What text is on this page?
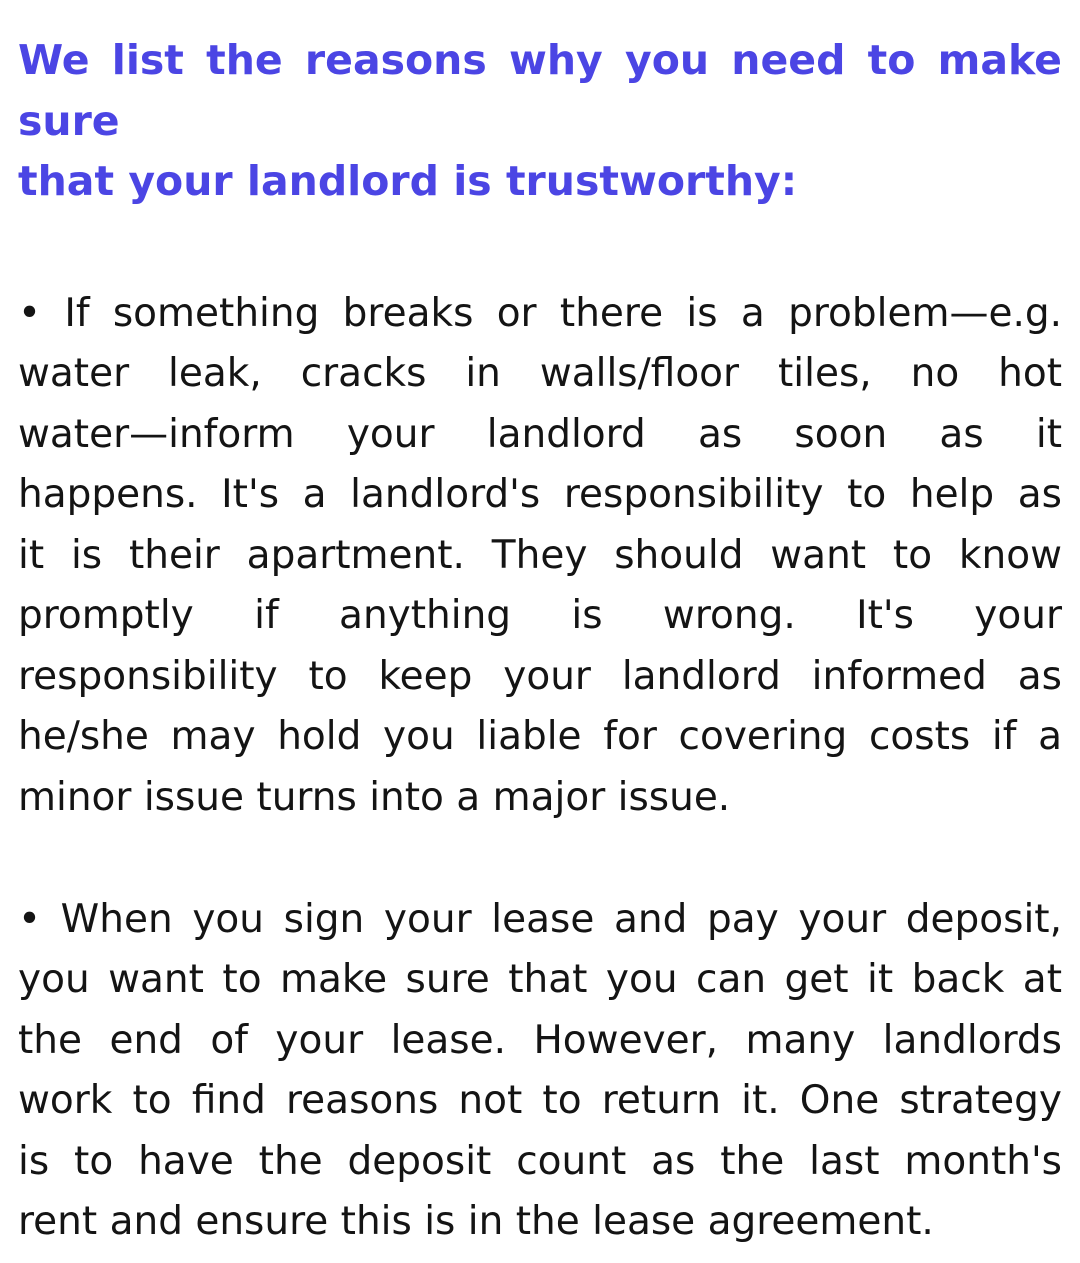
We list the reasons why you need to make sure
that your landlord is trustworthy:

• If something breaks or there is a problem—e.g.
water leak, cracks in walls/floor tiles, no hot
water—inform your landlord as soon as it
happens. It's a landlord's responsibility to help as
it is their apartment. They should want to know
promptly if anything is wrong. It's your
responsibility to keep your landlord informed as
he/she may hold you liable for covering costs if a
minor issue turns into a major issue.

• When you sign your lease and pay your deposit,
you want to make sure that you can get it back at
the end of your lease. However, many landlords
work to find reasons not to return it. One strategy
is to have the deposit count as the last month's
rent and ensure this is in the lease agreement.
